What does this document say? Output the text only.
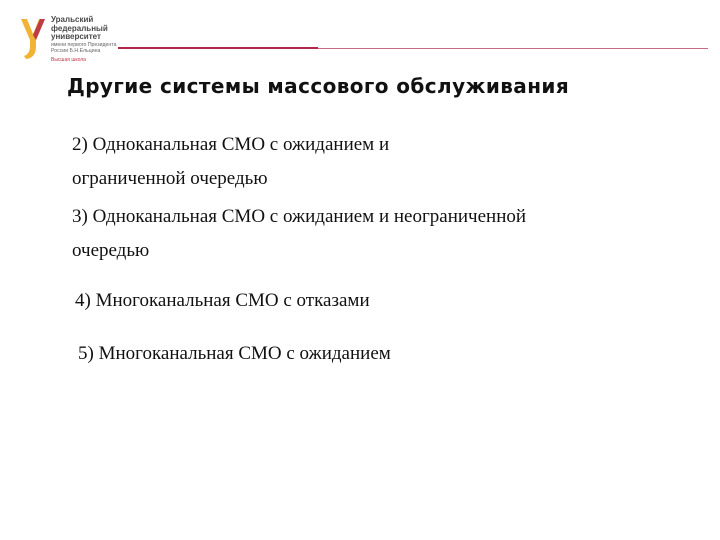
Уральский
федеральный
университет
имени первого Президента
России Б.Н.Ельцина
Высшая школа
Другие системы массового обслуживания
2) Одноканальная СМО с ожиданием и
ограниченной очередью
3) Одноканальная СМО с ожиданием и неограниченной
очередью
4) Многоканальная СМО с отказами
5) Многоканальная СМО с ожиданием
